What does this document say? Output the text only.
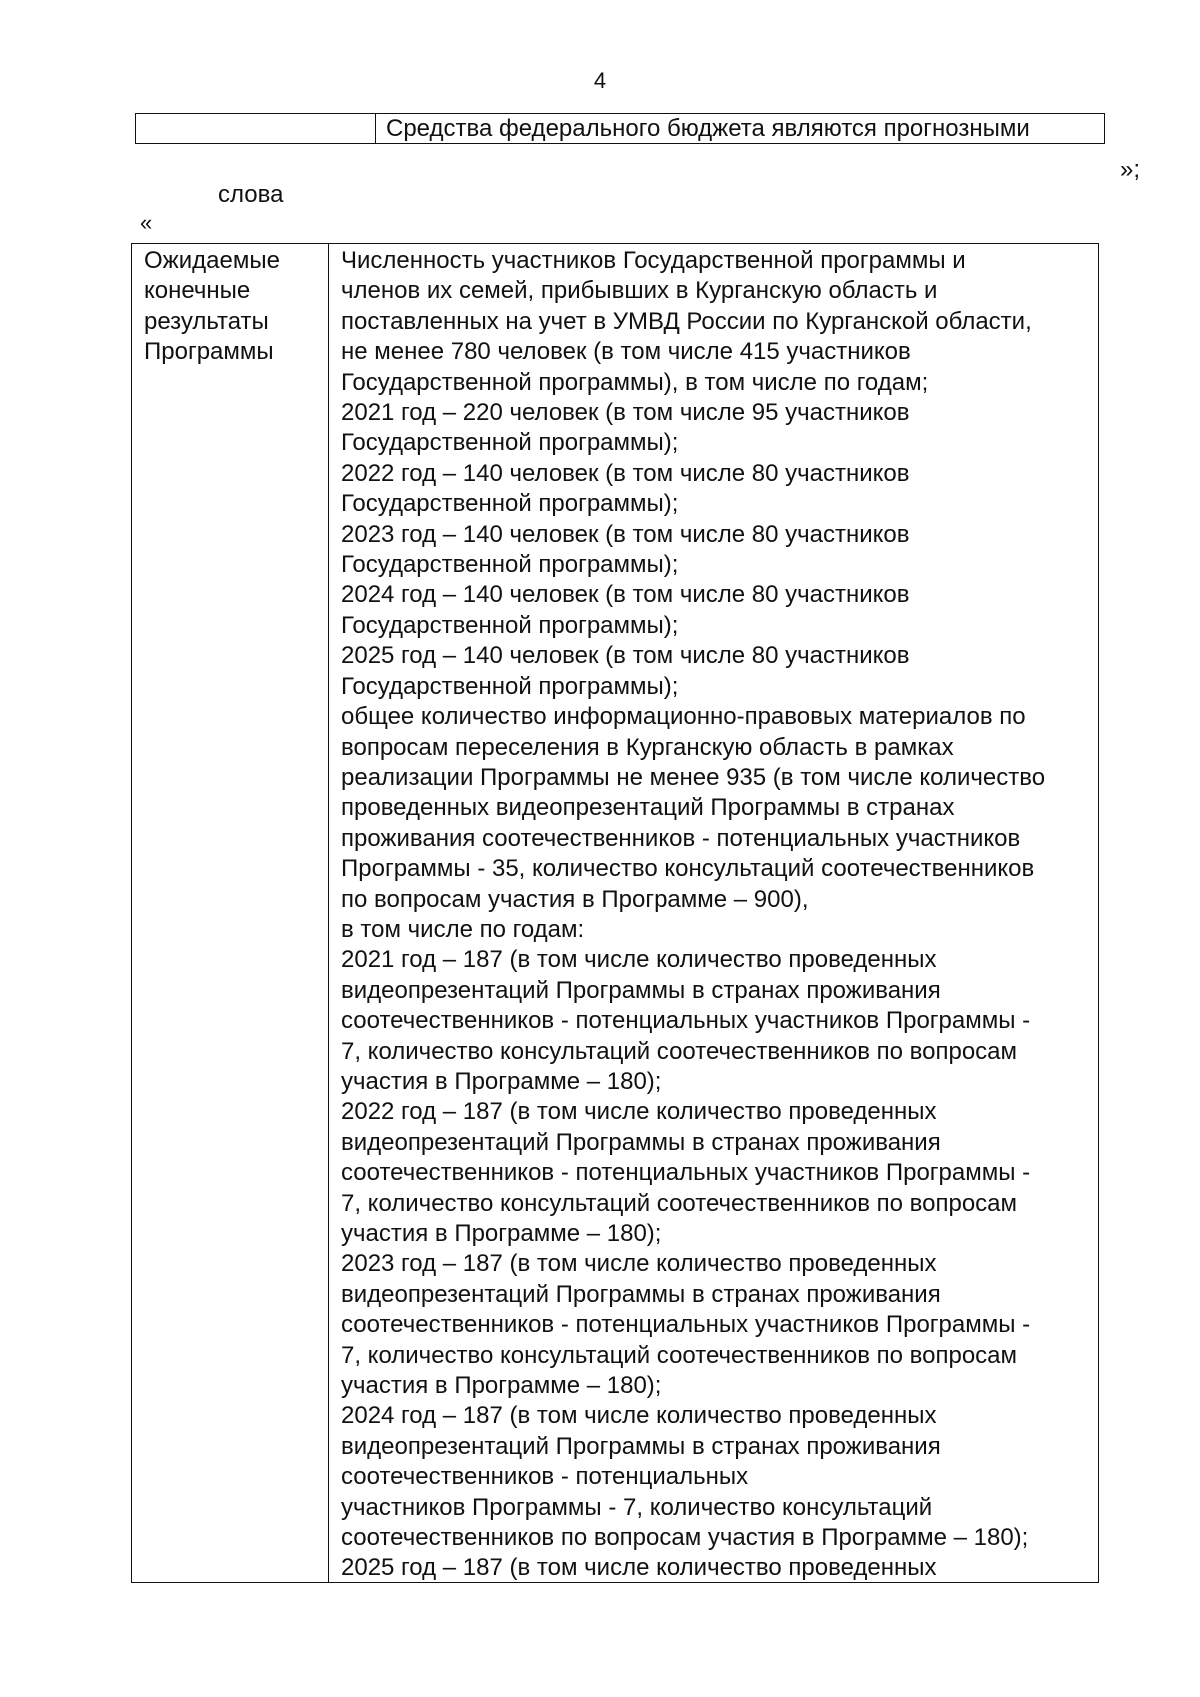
4
Средства федерального бюджета являются прогнозными
»;
слова
«
Ожидаемые
конечные
результаты
Программы
Численность участников Государственной программы и
членов их семей, прибывших в Курганскую область и
поставленных на учет в УМВД России по Курганской области,
не менее 780 человек (в том числе 415 участников
Государственной программы), в том числе по годам;
2021 год – 220 человек (в том числе 95 участников
Государственной программы);
2022 год – 140 человек (в том числе 80 участников
Государственной программы);
2023 год – 140 человек (в том числе 80 участников
Государственной программы);
2024 год – 140 человек (в том числе 80 участников
Государственной программы);
2025 год – 140 человек (в том числе 80 участников
Государственной программы);
общее количество информационно-правовых материалов по
вопросам переселения в Курганскую область в рамках
реализации Программы не менее 935 (в том числе количество
проведенных видеопрезентаций Программы в странах
проживания соотечественников - потенциальных участников
Программы - 35, количество консультаций соотечественников
по вопросам участия в Программе – 900),
в том числе по годам:
2021 год – 187 (в том числе количество проведенных
видеопрезентаций Программы в странах проживания
соотечественников - потенциальных участников Программы -
7, количество консультаций соотечественников по вопросам
участия в Программе – 180);
2022 год – 187 (в том числе количество проведенных
видеопрезентаций Программы в странах проживания
соотечественников - потенциальных участников Программы -
7, количество консультаций соотечественников по вопросам
участия в Программе – 180);
2023 год – 187 (в том числе количество проведенных
видеопрезентаций Программы в странах проживания
соотечественников - потенциальных участников Программы -
7, количество консультаций соотечественников по вопросам
участия в Программе – 180);
2024 год – 187 (в том числе количество проведенных
видеопрезентаций Программы в странах проживания
соотечественников - потенциальных
участников Программы - 7, количество консультаций
соотечественников по вопросам участия в Программе – 180);
2025 год – 187 (в том числе количество проведенных
